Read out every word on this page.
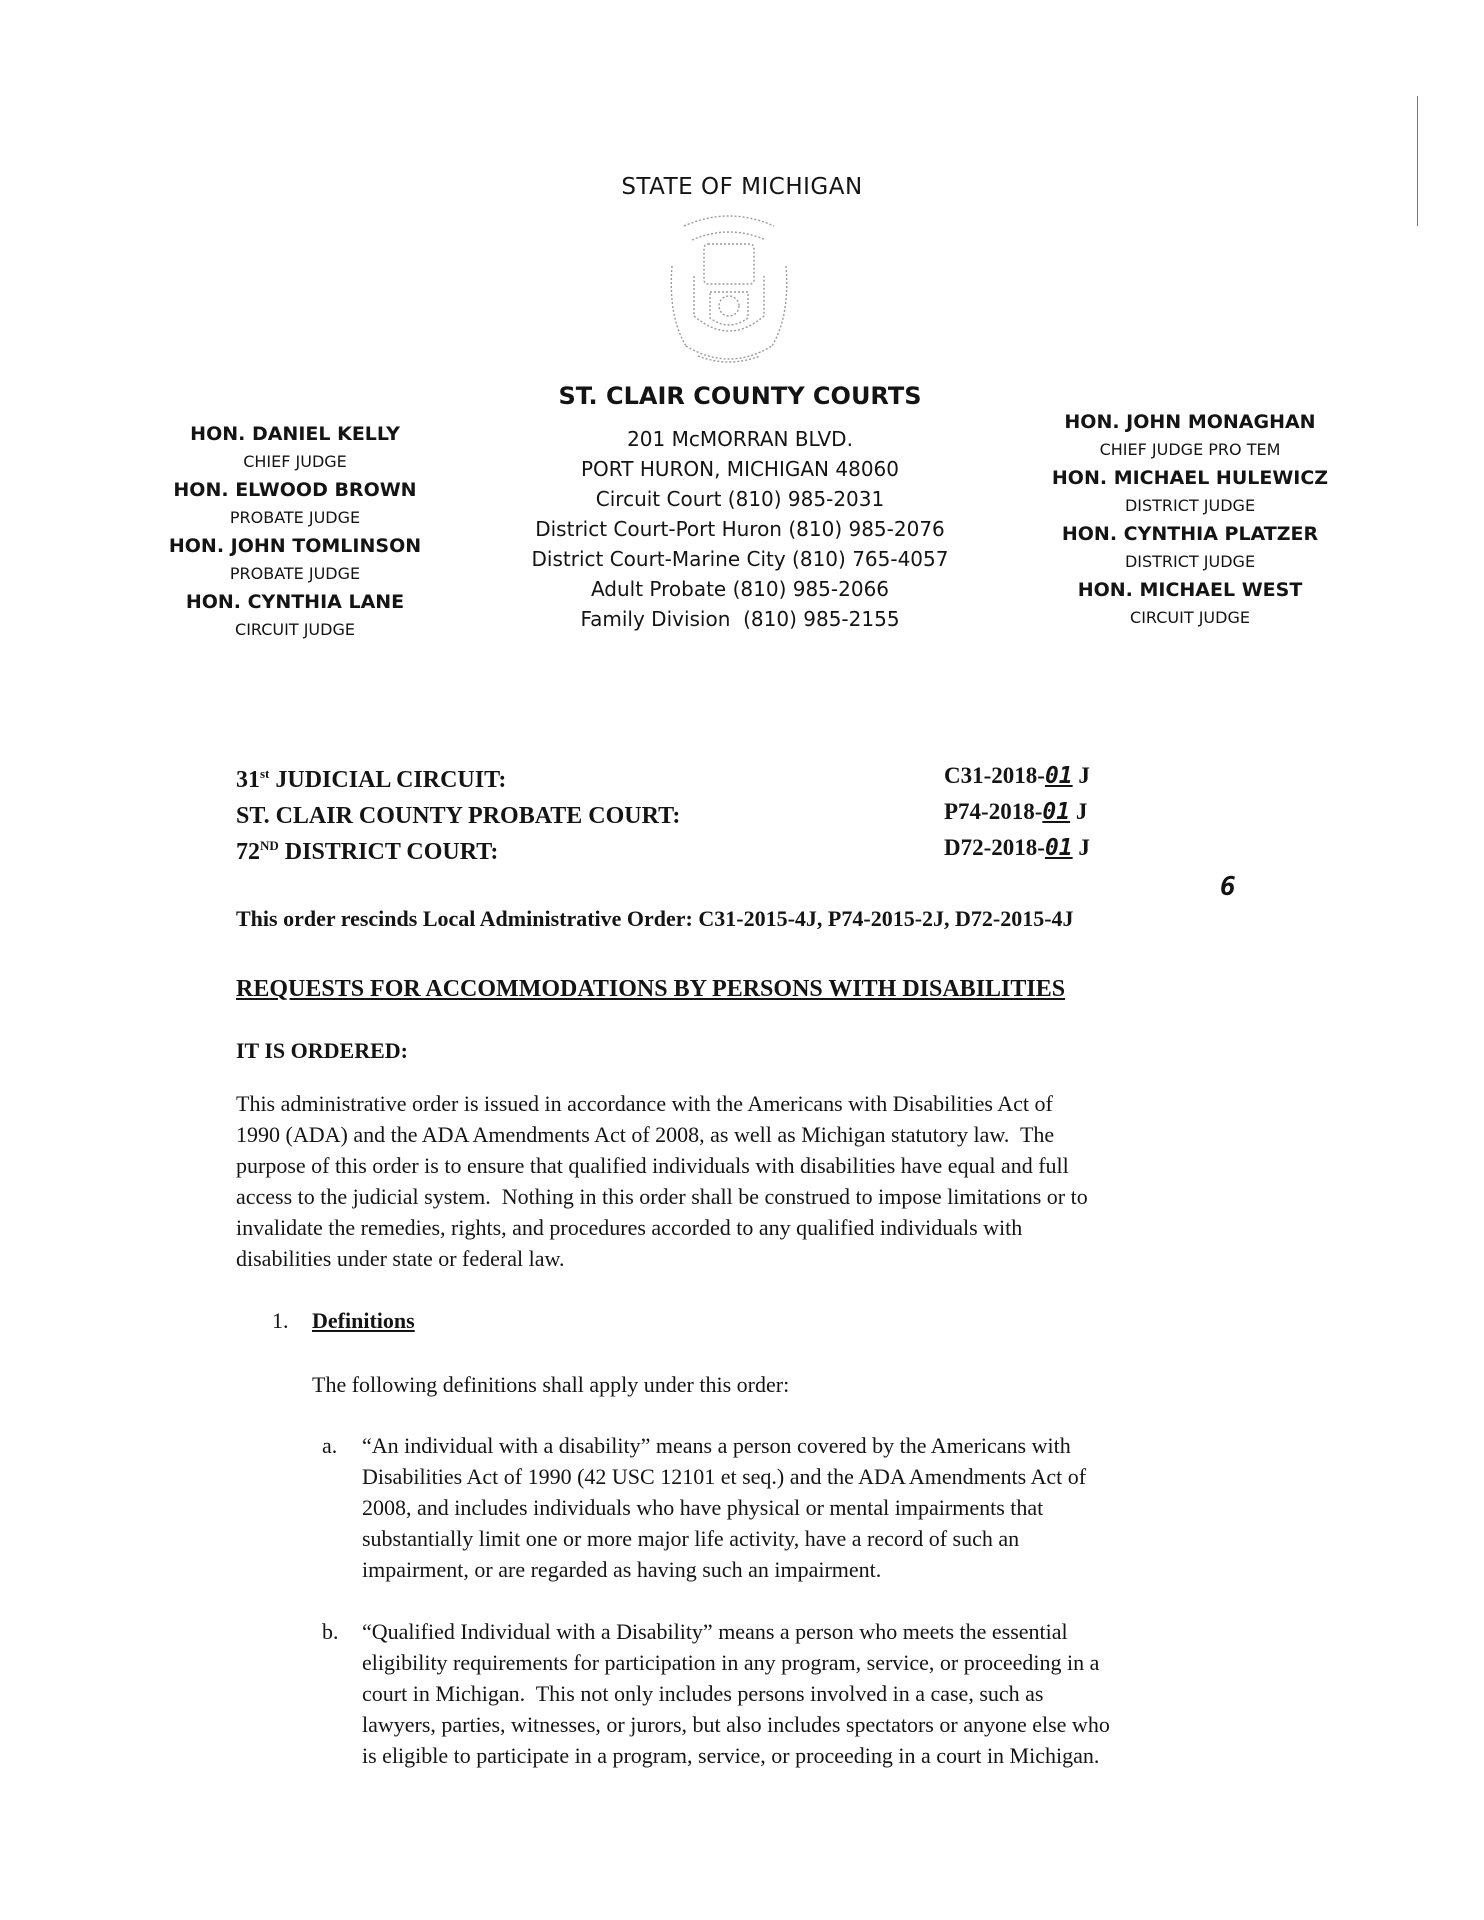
STATE OF MICHIGAN
ST. CLAIR COUNTY COURTS
201 McMORRAN BLVD.
PORT HURON, MICHIGAN 48060
Circuit Court (810) 985-2031
District Court-Port Huron (810) 985-2076
District Court-Marine City (810) 765-4057
Adult Probate (810) 985-2066
Family Division  (810) 985-2155
HON. DANIEL KELLY
CHIEF JUDGE
HON. ELWOOD BROWN
PROBATE JUDGE
HON. JOHN TOMLINSON
PROBATE JUDGE
HON. CYNTHIA LANE
CIRCUIT JUDGE
HON. JOHN MONAGHAN
CHIEF JUDGE PRO TEM
HON. MICHAEL HULEWICZ
DISTRICT JUDGE
HON. CYNTHIA PLATZER
DISTRICT JUDGE
HON. MICHAEL WEST
CIRCUIT JUDGE
31st JUDICIAL CIRCUIT:
ST. CLAIR COUNTY PROBATE COURT:
72ND DISTRICT COURT:
C31-2018-01 J
P74-2018-01 J
D72-2018-01 J
This order rescinds Local Administrative Order: C31-2015-4J, P74-2015-2J, D72-2015-4J
6
REQUESTS FOR ACCOMMODATIONS BY PERSONS WITH DISABILITIES
IT IS ORDERED:
This administrative order is issued in accordance with the Americans with Disabilities Act of
1990 (ADA) and the ADA Amendments Act of 2008, as well as Michigan statutory law.  The
purpose of this order is to ensure that qualified individuals with disabilities have equal and full
access to the judicial system.  Nothing in this order shall be construed to impose limitations or to
invalidate the remedies, rights, and procedures accorded to any qualified individuals with
disabilities under state or federal law.
1. Definitions
The following definitions shall apply under this order:
a. “An individual with a disability” means a person covered by the Americans with
Disabilities Act of 1990 (42 USC 12101 et seq.) and the ADA Amendments Act of
2008, and includes individuals who have physical or mental impairments that
substantially limit one or more major life activity, have a record of such an
impairment, or are regarded as having such an impairment.
b. “Qualified Individual with a Disability” means a person who meets the essential
eligibility requirements for participation in any program, service, or proceeding in a
court in Michigan.  This not only includes persons involved in a case, such as
lawyers, parties, witnesses, or jurors, but also includes spectators or anyone else who
is eligible to participate in a program, service, or proceeding in a court in Michigan.
